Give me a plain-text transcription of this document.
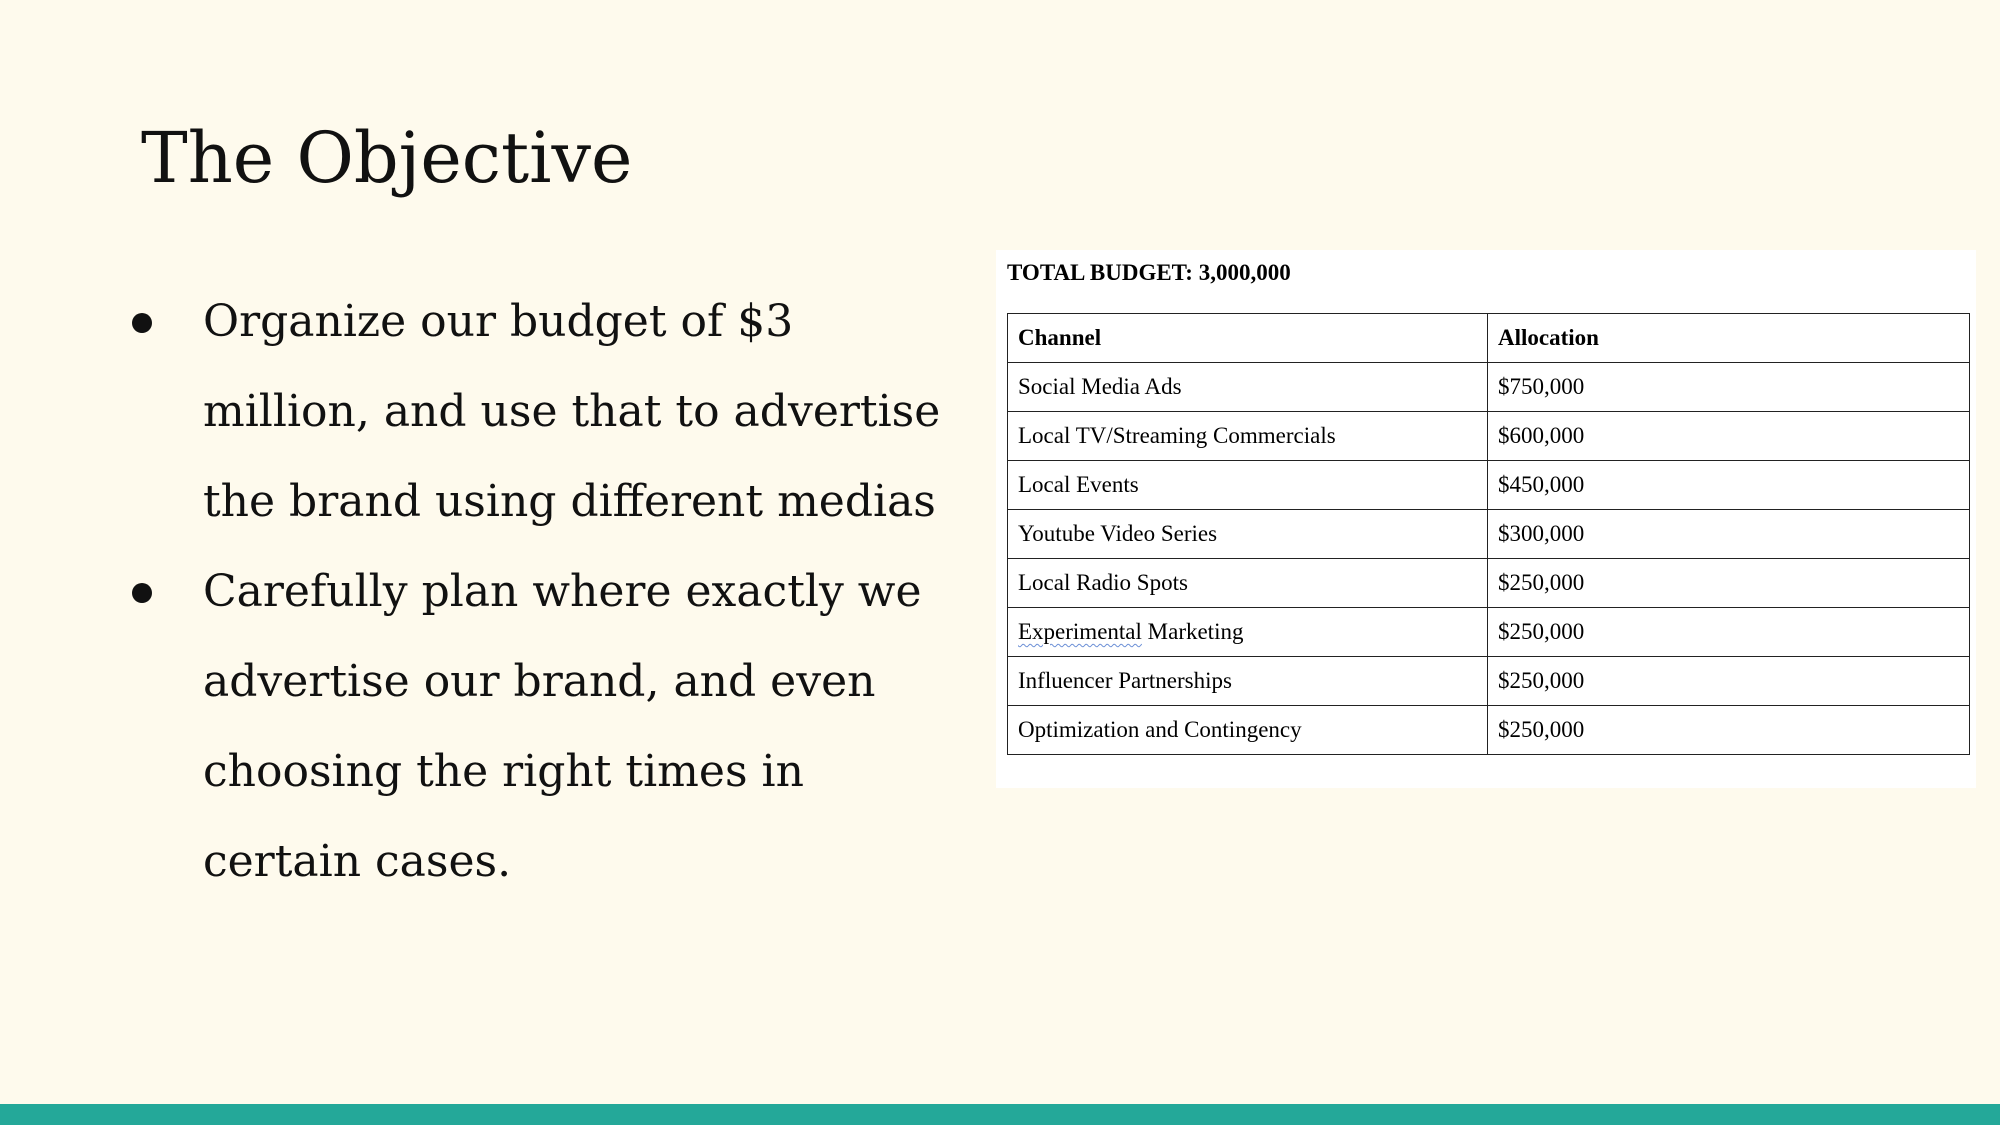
The Objective
Organize our budget of $3 million, and use that to advertise the brand using different medias
Carefully plan where exactly we advertise our brand, and even choosing the right times in certain cases.

TOTAL BUDGET: 3,000,000

Channel	Allocation
Social Media Ads	$750,000
Local TV/Streaming Commercials	$600,000
Local Events	$450,000
Youtube Video Series	$300,000
Local Radio Spots	$250,000
Experimental Marketing	$250,000
Influencer Partnerships	$250,000
Optimization and Contingency	$250,000
